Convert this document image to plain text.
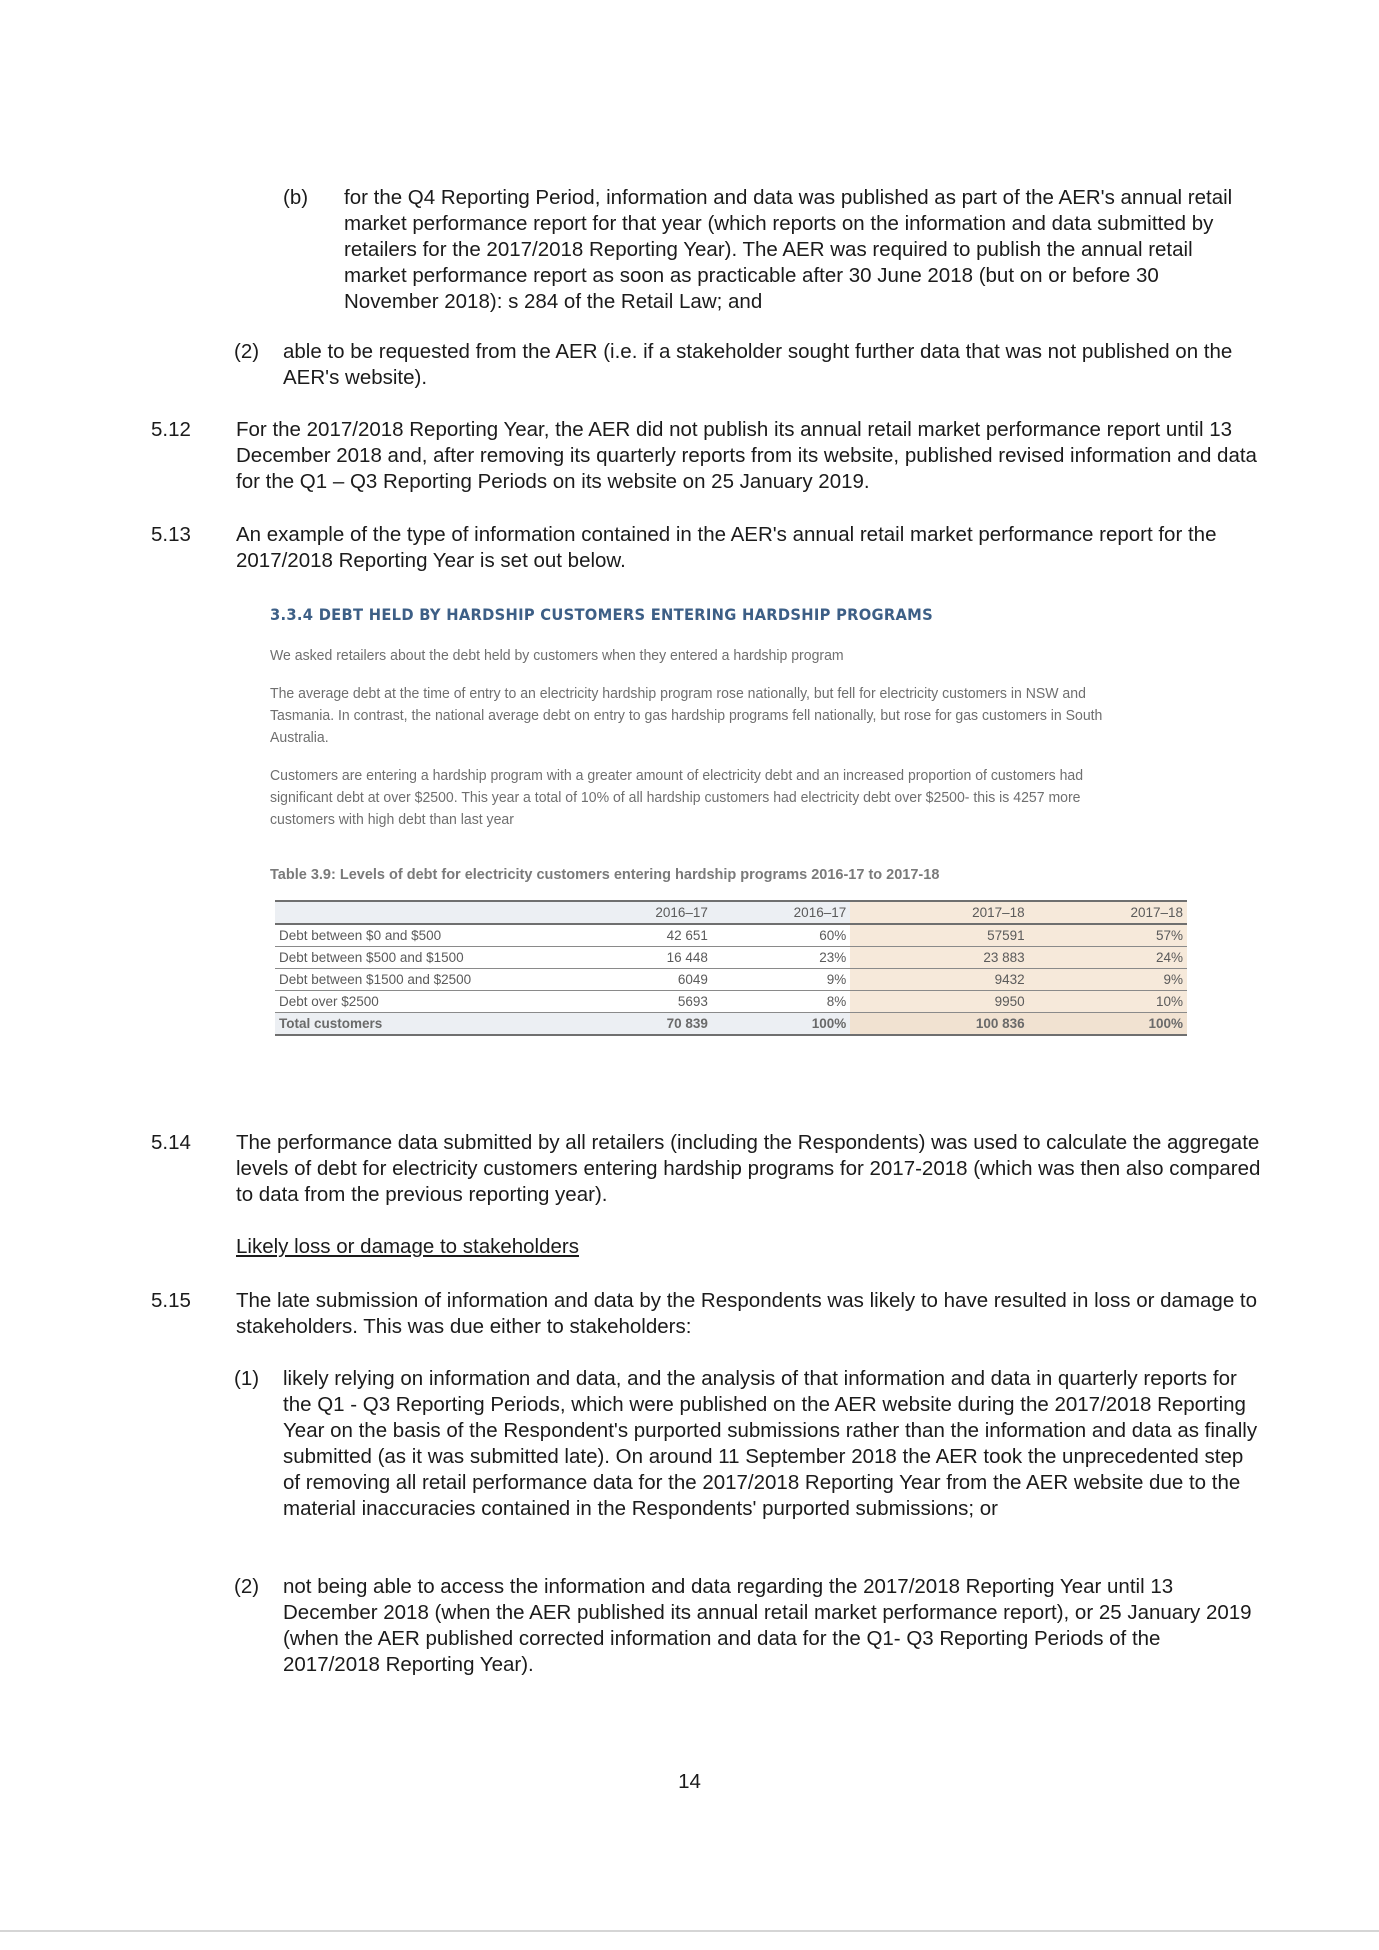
(b) for the Q4 Reporting Period, information and data was published as part of the AER's annual retail market performance report for that year (which reports on the information and data submitted by retailers for the 2017/2018 Reporting Year). The AER was required to publish the annual retail market performance report as soon as practicable after 30 June 2018 (but on or before 30 November 2018): s 284 of the Retail Law; and

(2) able to be requested from the AER (i.e. if a stakeholder sought further data that was not published on the AER's website).

5.12 For the 2017/2018 Reporting Year, the AER did not publish its annual retail market performance report until 13 December 2018 and, after removing its quarterly reports from its website, published revised information and data for the Q1 – Q3 Reporting Periods on its website on 25 January 2019.

5.13 An example of the type of information contained in the AER's annual retail market performance report for the 2017/2018 Reporting Year is set out below.

3.3.4 DEBT HELD BY HARDSHIP CUSTOMERS ENTERING HARDSHIP PROGRAMS

We asked retailers about the debt held by customers when they entered a hardship program

The average debt at the time of entry to an electricity hardship program rose nationally, but fell for electricity customers in NSW and Tasmania. In contrast, the national average debt on entry to gas hardship programs fell nationally, but rose for gas customers in South Australia.

Customers are entering a hardship program with a greater amount of electricity debt and an increased proportion of customers had significant debt at over $2500. This year a total of 10% of all hardship customers had electricity debt over $2500- this is 4257 more customers with high debt than last year

Table 3.9: Levels of debt for electricity customers entering hardship programs 2016-17 to 2017-18
	2016–17	2016–17	2017–18	2017–18
Debt between $0 and $500	42 651	60%	57591	57%
Debt between $500 and $1500	16 448	23%	23 883	24%
Debt between $1500 and $2500	6049	9%	9432	9%
Debt over $2500	5693	8%	9950	10%
Total customers	70 839	100%	100 836	100%
5.14 The performance data submitted by all retailers (including the Respondents) was used to calculate the aggregate levels of debt for electricity customers entering hardship programs for 2017-2018 (which was then also compared to data from the previous reporting year).

Likely loss or damage to stakeholders

5.15 The late submission of information and data by the Respondents was likely to have resulted in loss or damage to stakeholders. This was due either to stakeholders:

(1) likely relying on information and data, and the analysis of that information and data in quarterly reports for the Q1 - Q3 Reporting Periods, which were published on the AER website during the 2017/2018 Reporting Year on the basis of the Respondent's purported submissions rather than the information and data as finally submitted (as it was submitted late). On around 11 September 2018 the AER took the unprecedented step of removing all retail performance data for the 2017/2018 Reporting Year from the AER website due to the material inaccuracies contained in the Respondents' purported submissions; or

(2) not being able to access the information and data regarding the 2017/2018 Reporting Year until 13 December 2018 (when the AER published its annual retail market performance report), or 25 January 2019 (when the AER published corrected information and data for the Q1- Q3 Reporting Periods of the 2017/2018 Reporting Year).

14
